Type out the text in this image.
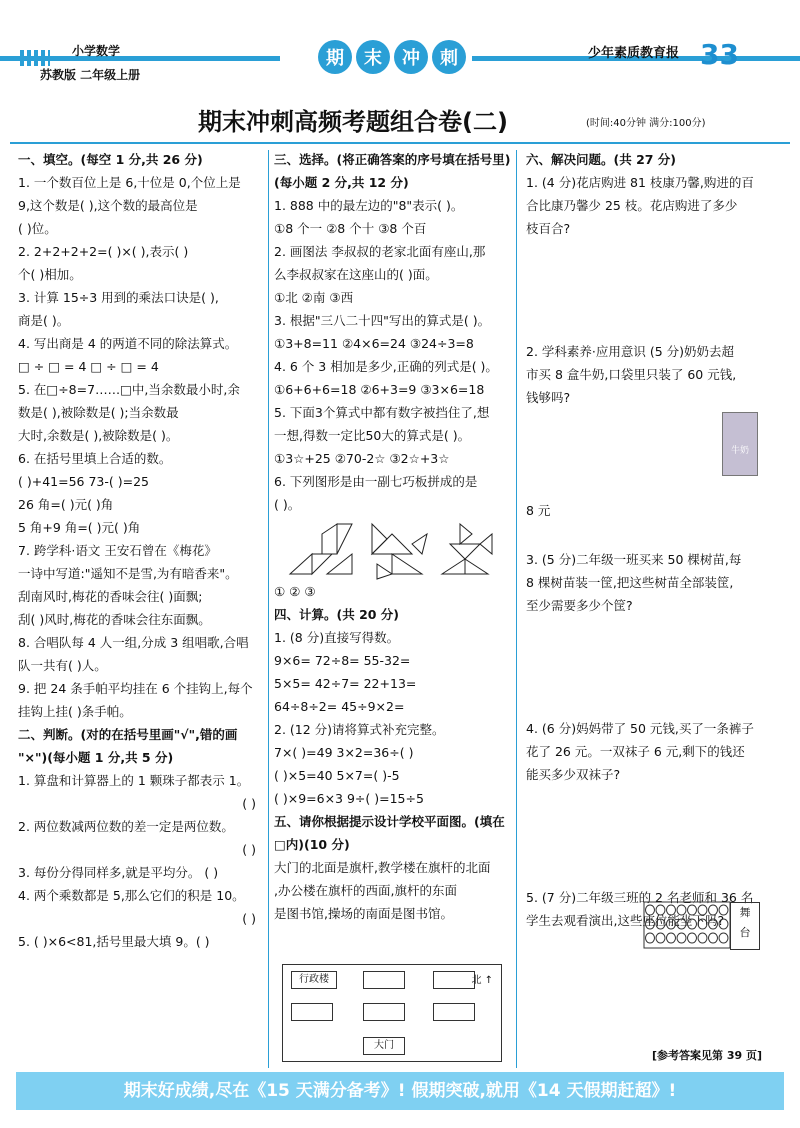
小学数学
苏教版 二年级上册
期	末	冲	刺	少年素质教育报 33
期末冲刺高频考题组合卷(二)	(时间:40分钟 满分:100分)
一、填空。(每空 1 分,共 26 分)
1. 一个数百位上是 6,十位是 0,个位上是
9,这个数是( ),这个数的最高位是
( )位。
2. 2+2+2+2=( )×( ),表示( )
个( )相加。
3. 计算 15÷3 用到的乘法口诀是( ),
商是( )。
4. 写出商是 4 的两道不同的除法算式。
□ ÷ □ = 4 □ ÷ □ = 4
5. 在□÷8=7……□中,当余数最小时,余
数是( ),被除数是( );当余数最
大时,余数是( ),被除数是( )。
6. 在括号里填上合适的数。
( )+41=56 73-( )=25
26 角=( )元( )角
5 角+9 角=( )元( )角
7. 跨学科·语文 王安石曾在《梅花》
一诗中写道:"遥知不是雪,为有暗香来"。
刮南风时,梅花的香味会往( )面飘;
刮( )风时,梅花的香味会往东面飘。
8. 合唱队每 4 人一组,分成 3 组唱歌,合唱
队一共有( )人。
9. 把 24 条手帕平均挂在 6 个挂钩上,每个
挂钩上挂( )条手帕。
二、判断。(对的在括号里画"√",错的画
"×")(每小题 1 分,共 5 分)
1. 算盘和计算器上的 1 颗珠子都表示 1。
( )
2. 两位数减两位数的差一定是两位数。
( )
3. 每份分得同样多,就是平均分。 ( )
4. 两个乘数都是 5,那么它们的积是 10。
( )
5. ( )×6<81,括号里最大填 9。( )
三、选择。(将正确答案的序号填在括号里)
(每小题 2 分,共 12 分)
1. 888 中的最左边的"8"表示( )。
①8 个一 ②8 个十 ③8 个百
2. 画图法 李叔叔的老家北面有座山,那
么李叔叔家在这座山的( )面。
①北 ②南 ③西
3. 根据"三八二十四"写出的算式是( )。
①3+8=11 ②4×6=24 ③24÷3=8
4. 6 个 3 相加是多少,正确的列式是( )。
①6+6+6=18 ②6+3=9 ③3×6=18
5. 下面3个算式中都有数字被挡住了,想
一想,得数一定比50大的算式是( )。
①3☆+25 ②70-2☆ ③2☆+3☆
6. 下列图形是由一副七巧板拼成的是
( )。
① ② ③
四、计算。(共 20 分)
1. (8 分)直接写得数。
9×6= 72÷8= 55-32=
5×5= 42÷7= 22+13=
64÷8÷2= 45÷9×2=
2. (12 分)请将算式补充完整。
7×( )=49 3×2=36÷( )
( )×5=40 5×7=( )-5
( )×9=6×3 9÷( )=15÷5
五、请你根据提示设计学校平面图。(填在
□内)(10 分)
大门的北面是旗杆,教学楼在旗杆的北面
,办公楼在旗杆的西面,旗杆的东面
是图书馆,操场的南面是图书馆。
六、解决问题。(共 27 分)
1. (4 分)花店购进 81 枝康乃馨,购进的百
合比康乃馨少 25 枝。花店购进了多少
枝百合?
2. 学科素养·应用意识 (5 分)奶奶去超
市买 8 盒牛奶,口袋里只装了 60 元钱,
钱够吗?
8 元
3. (5 分)二年级一班买来 50 棵树苗,每
8 棵树苗装一筐,把这些树苗全部装筐,
至少需要多少个筐?
4. (6 分)妈妈带了 50 元钱,买了一条裤子
花了 26 元。一双袜子 6 元,剩下的钱还
能买多少双袜子?
5. (7 分)二年级三班的 2 名老师和 36 名
学生去观看演出,这些座位能坐下吗?
行政楼
大门
北 ↑
牛奶
舞
台
[参考答案见第 39 页]
期末好成绩,尽在《15 天满分备考》! 假期突破,就用《14 天假期赶超》!
